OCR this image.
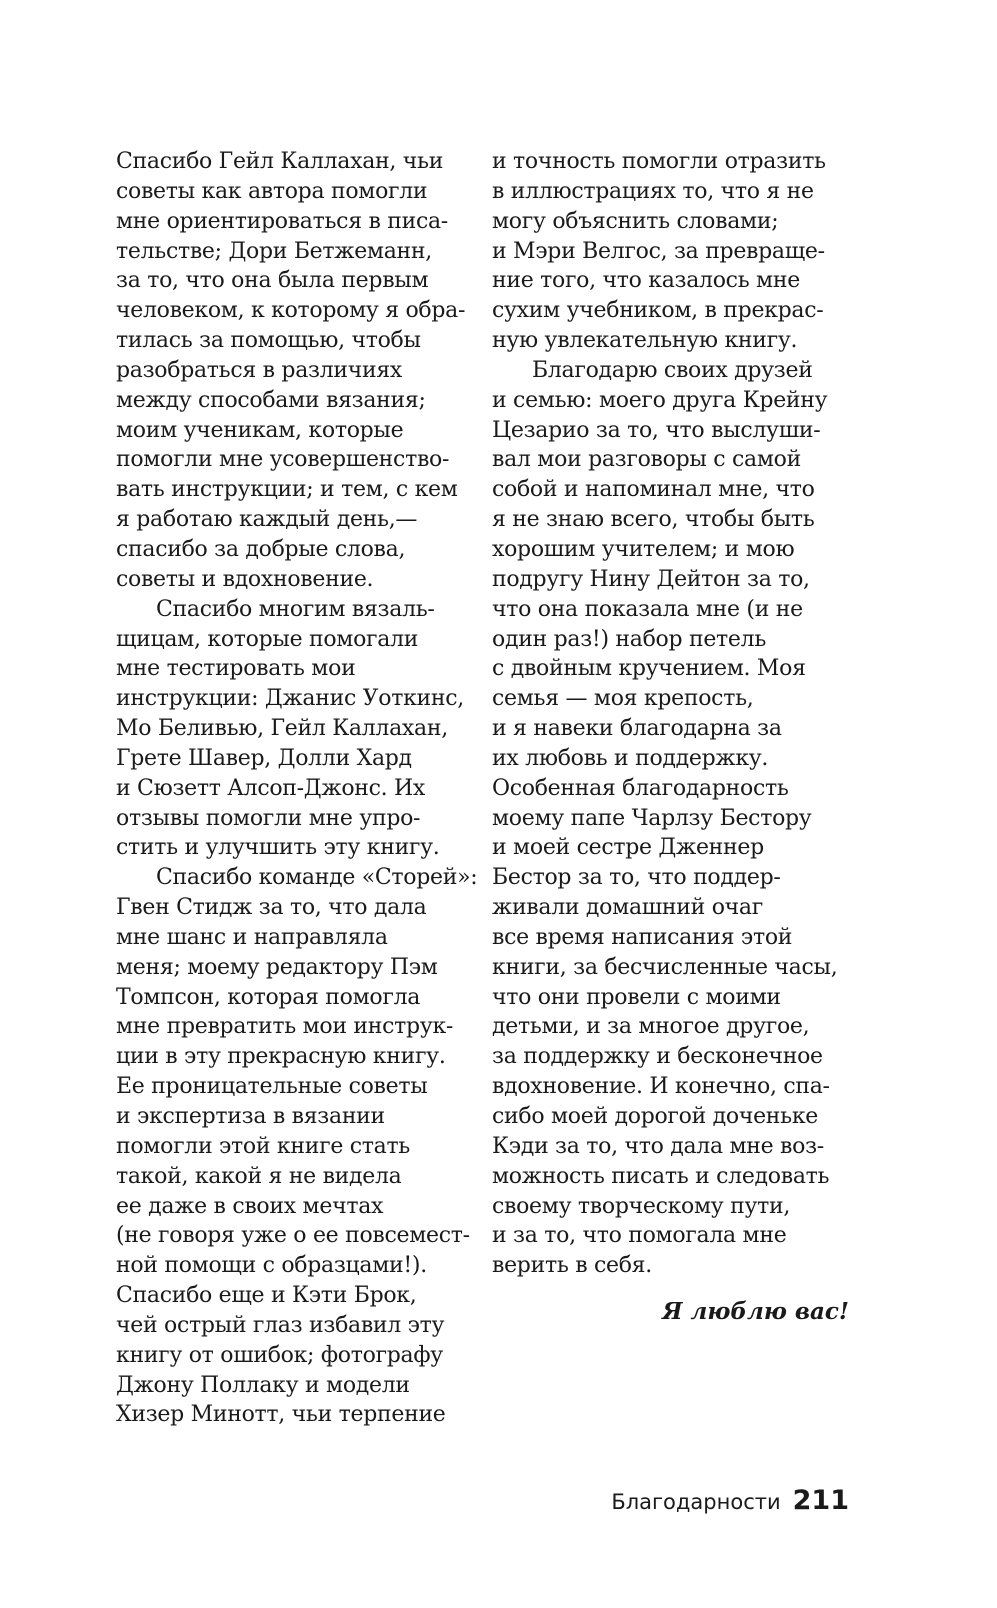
Спасибо Гейл Каллахан, чьи
советы как автора помогли
мне ориентироваться в писа-
тельстве; Дори Бетжеманн,
за то, что она была первым
человеком, к которому я обра-
тилась за помощью, чтобы
разобраться в различиях
между способами вязания;
моим ученикам, которые
помогли мне усовершенство-
вать инструкции; и тем, с кем
я работаю каждый день,—
спасибо за добрые слова,
советы и вдохновение.
Спасибо многим вязаль-
щицам, которые помогали
мне тестировать мои
инструкции: Джанис Уоткинс,
Мо Беливью, Гейл Каллахан,
Грете Шавер, Долли Хард
и Сюзетт Алсоп-Джонс. Их
отзывы помогли мне упро-
стить и улучшить эту книгу.
Спасибо команде «Сторей»:
Гвен Стидж за то, что дала
мне шанс и направляла
меня; моему редактору Пэм
Томпсон, которая помогла
мне превратить мои инструк-
ции в эту прекрасную книгу.
Ее проницательные советы
и экспертиза в вязании
помогли этой книге стать
такой, какой я не видела
ее даже в своих мечтах
(не говоря уже о ее повсемест-
ной помощи с образцами!).
Спасибо еще и Кэти Брок,
чей острый глаз избавил эту
книгу от ошибок; фотографу
Джону Поллаку и модели
Хизер Минотт, чьи терпение
и точность помогли отразить
в иллюстрациях то, что я не
могу объяснить словами;
и Мэри Велгос, за превраще-
ние того, что казалось мне
сухим учебником, в прекрас-
ную увлекательную книгу.
Благодарю своих друзей
и семью: моего друга Крейну
Цезарио за то, что выслуши-
вал мои разговоры с самой
собой и напоминал мне, что
я не знаю всего, чтобы быть
хорошим учителем; и мою
подругу Нину Дейтон за то,
что она показала мне (и не
один раз!) набор петель
с двойным кручением. Моя
семья — моя крепость,
и я навеки благодарна за
их любовь и поддержку.
Особенная благодарность
моему папе Чарлзу Бестору
и моей сестре Дженнер
Бестор за то, что поддер-
живали домашний очаг
все время написания этой
книги, за бесчисленные часы,
что они провели с моими
детьми, и за многое другое,
за поддержку и бесконечное
вдохновение. И конечно, спа-
сибо моей дорогой доченьке
Кэди за то, что дала мне воз-
можность писать и следовать
своему творческому пути,
и за то, что помогала мне
верить в себя.
Я люблю вас!
Благодарности 211
